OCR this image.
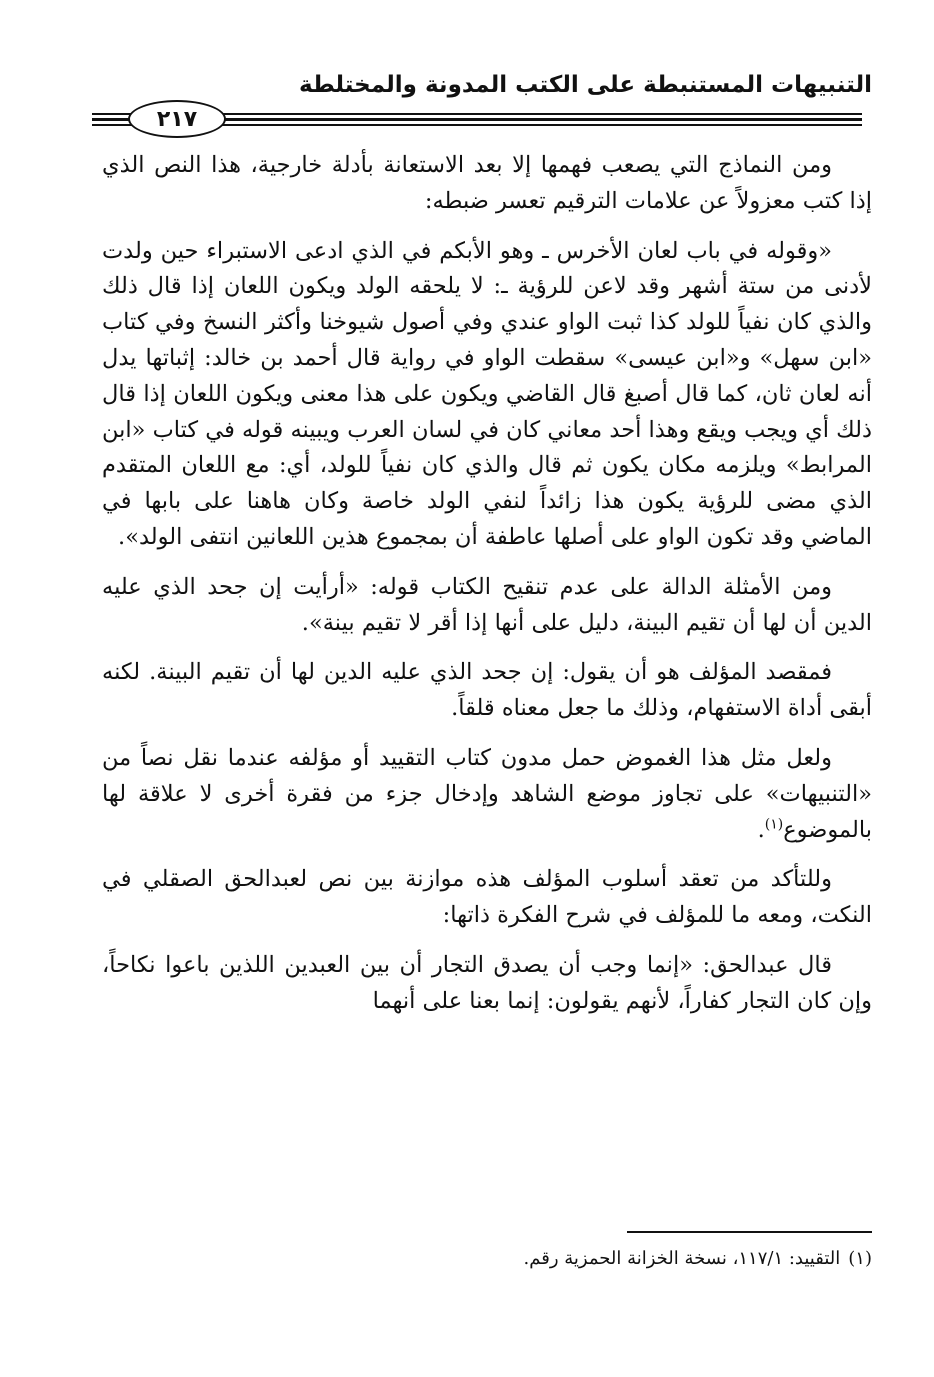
التنبيهات المستنبطة على الكتب المدونة والمختلطة
٢١٧

ومن النماذج التي يصعب فهمها إلا بعد الاستعانة بأدلة خارجية، هذا النص الذي إذا كتب معزولاً عن علامات الترقيم تعسر ضبطه:

«وقوله في باب لعان الأخرس ـ وهو الأبكم في الذي ادعى الاستبراء حين ولدت لأدنى من ستة أشهر وقد لاعن للرؤية ـ: لا يلحقه الولد ويكون اللعان إذا قال ذلك والذي كان نفياً للولد كذا ثبت الواو عندي وفي أصول شيوخنا وأكثر النسخ وفي كتاب «ابن سهل» و«ابن عيسى» سقطت الواو في رواية قال أحمد بن خالد: إثباتها يدل أنه لعان ثان، كما قال أصبغ قال القاضي ويكون على هذا معنى ويكون اللعان إذا قال ذلك أي ويجب ويقع وهذا أحد معاني كان في لسان العرب ويبينه قوله في كتاب «ابن المرابط» ويلزمه مكان يكون ثم قال والذي كان نفياً للولد، أي: مع اللعان المتقدم الذي مضى للرؤية يكون هذا زائداً لنفي الولد خاصة وكان هاهنا على بابها في الماضي وقد تكون الواو على أصلها عاطفة أن بمجموع هذين اللعانين انتفى الولد».

ومن الأمثلة الدالة على عدم تنقيح الكتاب قوله: «أرأيت إن جحد الذي عليه الدين أن لها أن تقيم البينة، دليل على أنها إذا أقر لا تقيم بينة».

فمقصد المؤلف هو أن يقول: إن جحد الذي عليه الدين لها أن تقيم البينة. لكنه أبقى أداة الاستفهام، وذلك ما جعل معناه قلقاً.

ولعل مثل هذا الغموض حمل مدون كتاب التقييد أو مؤلفه عندما نقل نصاً من «التنبيهات» على تجاوز موضع الشاهد وإدخال جزء من فقرة أخرى لا علاقة لها بالموضوع$^{(١)}$.

وللتأكد من تعقد أسلوب المؤلف هذه موازنة بين نص لعبدالحق الصقلي في النكت، ومعه ما للمؤلف في شرح الفكرة ذاتها:

قال عبدالحق: «إنما وجب أن يصدق التجار أن بين العبدين اللذين باعوا نكاحاً، وإن كان التجار كفاراً، لأنهم يقولون: إنما بعنا على أنهما

(١)التقييد: ١١٧/١، نسخة الخزانة الحمزية رقم.
